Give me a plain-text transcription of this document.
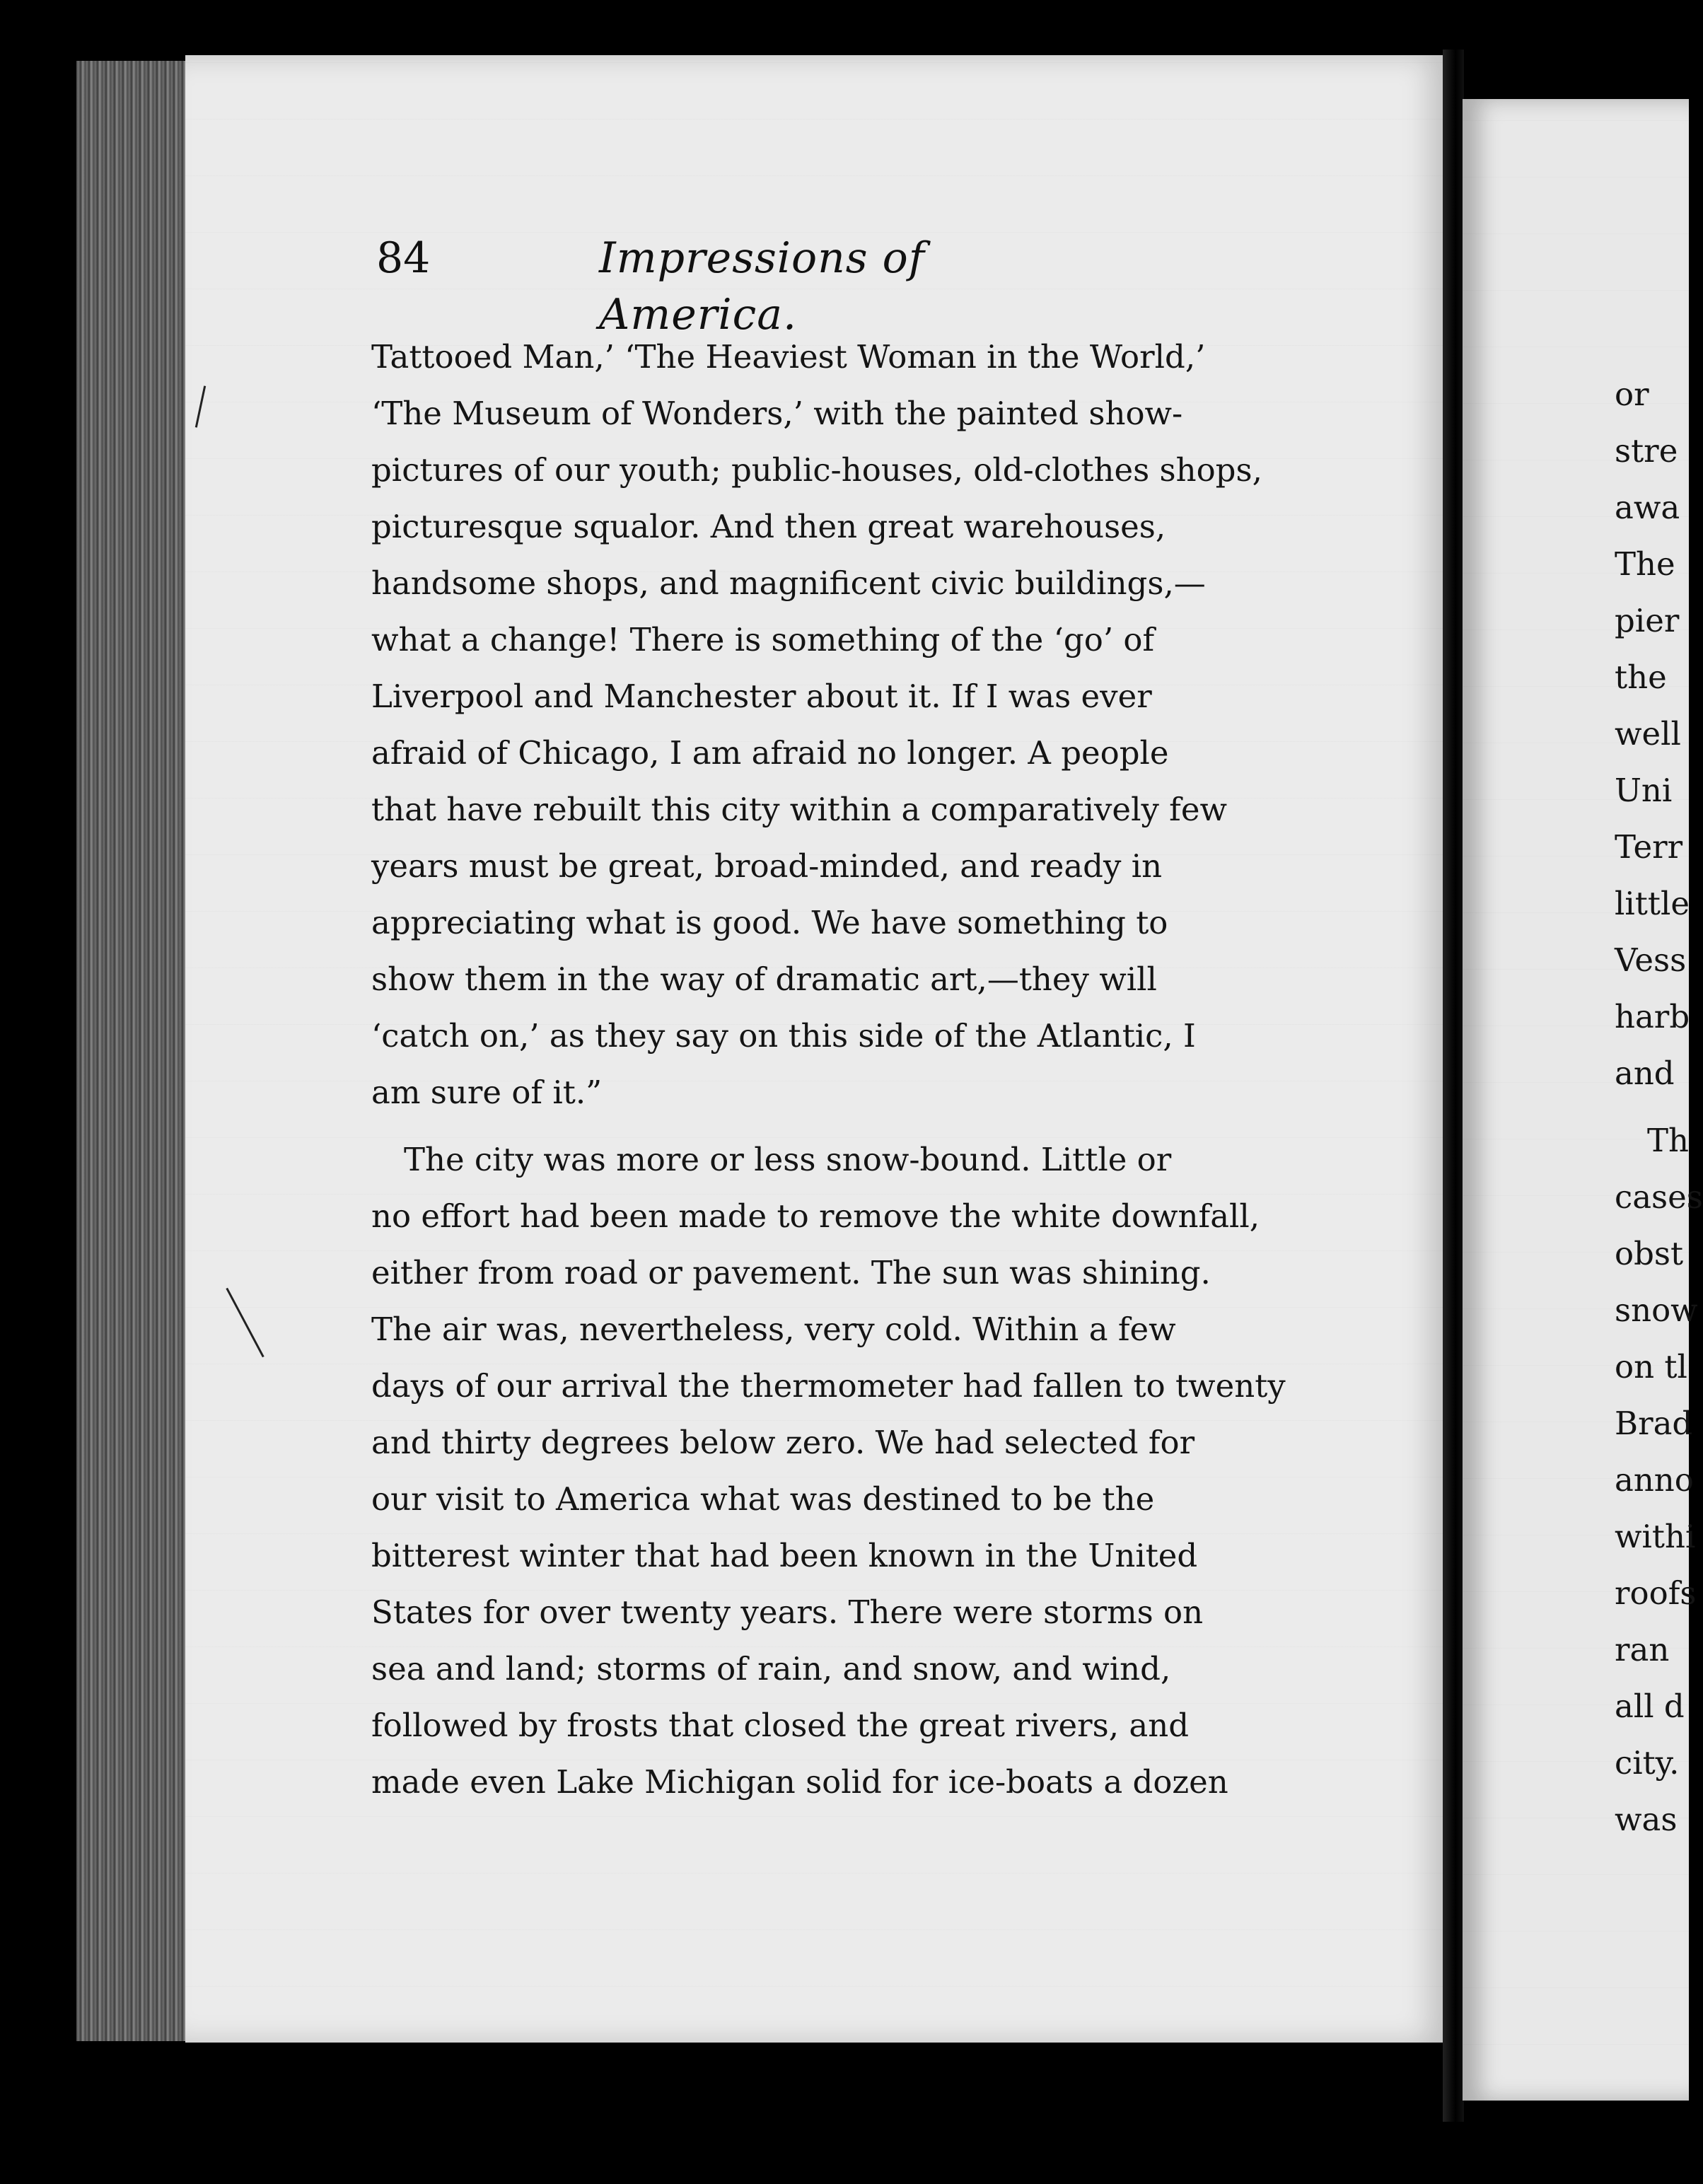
84	Impressions of America.
Tattooed Man,’ ‘The Heaviest Woman in the World,’
‘The Museum of Wonders,’ with the painted show-
pictures of our youth; public-houses, old-clothes shops,
picturesque squalor. And then great warehouses,
handsome shops, and magnificent civic buildings,—
what a change! There is something of the ‘go’ of
Liverpool and Manchester about it. If I was ever
afraid of Chicago, I am afraid no longer. A people
that have rebuilt this city within a comparatively few
years must be great, broad-minded, and ready in
appreciating what is good. We have something to
show them in the way of dramatic art,—they will
‘catch on,’ as they say on this side of the Atlantic, I
am sure of it.”
The city was more or less snow-bound. Little or
no effort had been made to remove the white downfall,
either from road or pavement. The sun was shining.
The air was, nevertheless, very cold. Within a few
days of our arrival the thermometer had fallen to twenty
and thirty degrees below zero. We had selected for
our visit to America what was destined to be the
bitterest winter that had been known in the United
States for over twenty years. There were storms on
sea and land; storms of rain, and snow, and wind,
followed by frosts that closed the great rivers, and
made even Lake Michigan solid for ice-boats a dozen
or
stre
awa
The
pier
the
well
Uni
Terr
little
Vess
harb
and
Th
cases
obst
snow
on tl
Brad
anno
withi
roofs
ran
all d
city.
was
